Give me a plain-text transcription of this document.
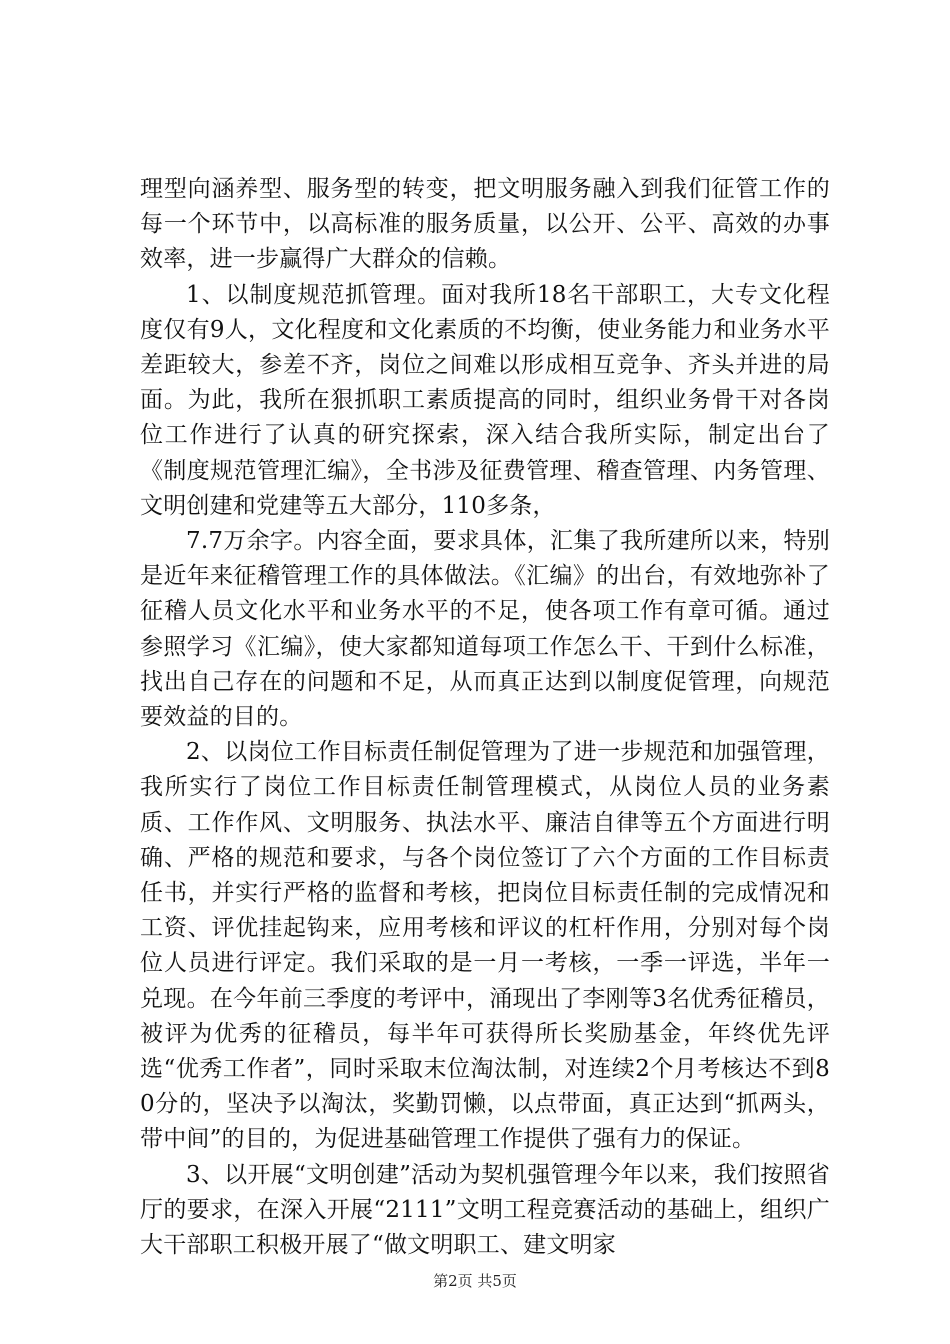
理型向涵养型、服务型的转变，把文明服务融入到我们征管工作的每一个环节中，以高标准的服务质量，以公开、公平、高效的办事效率，进一步赢得广大群众的信赖。

1、以制度规范抓管理。面对我所18名干部职工，大专文化程度仅有9人，文化程度和文化素质的不均衡，使业务能力和业务水平差距较大，参差不齐，岗位之间难以形成相互竞争、齐头并进的局面。为此，我所在狠抓职工素质提高的同时，组织业务骨干对各岗位工作进行了认真的研究探索，深入结合我所实际，制定出台了《制度规范管理汇编》，全书涉及征费管理、稽查管理、内务管理、文明创建和党建等五大部分，110多条，

7.7万余字。内容全面，要求具体，汇集了我所建所以来，特别是近年来征稽管理工作的具体做法。《汇编》的出台，有效地弥补了征稽人员文化水平和业务水平的不足，使各项工作有章可循。通过参照学习《汇编》，使大家都知道每项工作怎么干、干到什么标准，找出自己存在的问题和不足，从而真正达到以制度促管理，向规范要效益的目的。

2、以岗位工作目标责任制促管理为了进一步规范和加强管理，我所实行了岗位工作目标责任制管理模式，从岗位人员的业务素质、工作作风、文明服务、执法水平、廉洁自律等五个方面进行明确、严格的规范和要求，与各个岗位签订了六个方面的工作目标责任书，并实行严格的监督和考核，把岗位目标责任制的完成情况和工资、评优挂起钩来，应用考核和评议的杠杆作用，分别对每个岗位人员进行评定。我们采取的是一月一考核，一季一评选，半年一兑现。在今年前三季度的考评中，涌现出了李刚等3名优秀征稽员，被评为优秀的征稽员，每半年可获得所长奖励基金，年终优先评选“优秀工作者”，同时采取末位淘汰制，对连续2个月考核达不到80分的，坚决予以淘汰，奖勤罚懒，以点带面，真正达到“抓两头，带中间”的目的，为促进基础管理工作提供了强有力的保证。

3、以开展“文明创建”活动为契机强管理今年以来，我们按照省厅的要求，在深入开展“2111”文明工程竞赛活动的基础上，组织广大干部职工积极开展了“做文明职工、建文明家

第2页 共5页
